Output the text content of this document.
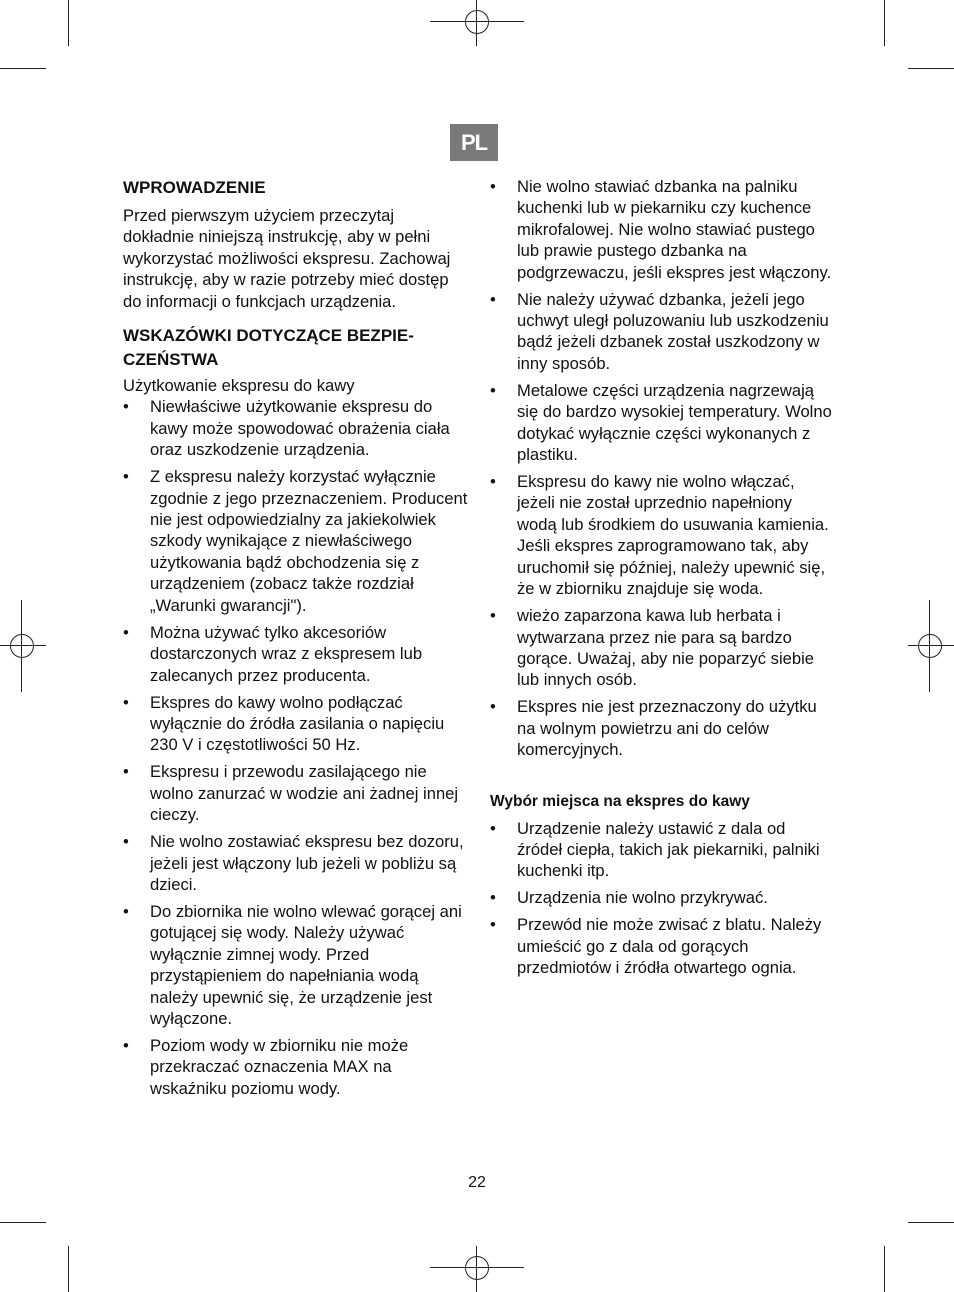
PL
WPROWADZENIE

Przed pierwszym użyciem przeczytaj dokładnie niniejszą instrukcję, aby w pełni wykorzystać możliwości ekspresu. Zachowaj instrukcję, aby w razie potrzeby mieć dostęp do informacji o funkcjach urządzenia.

WSKAZÓWKI DOTYCZĄCE BEZPIE-CZEŃSTWA

Użytkowanie ekspresu do kawy

• Niewłaściwe użytkowanie ekspresu do kawy może spowodować obrażenia ciała oraz uszkodzenie urządzenia.
• Z ekspresu należy korzystać wyłącznie zgodnie z jego przeznaczeniem. Producent nie jest odpowiedzialny za jakiekolwiek szkody wynikające z niewłaściwego użytkowania bądź obchodzenia się z urządzeniem (zobacz także rozdział „Warunki gwarancji").
• Można używać tylko akcesoriów dostarczonych wraz z ekspresem lub zalecanych przez producenta.
• Ekspres do kawy wolno podłączać wyłącznie do źródła zasilania o napięciu 230 V i częstotliwości 50 Hz.
• Ekspresu i przewodu zasilającego nie wolno zanurzać w wodzie ani żadnej innej cieczy.
• Nie wolno zostawiać ekspresu bez dozoru, jeżeli jest włączony lub jeżeli w pobliżu są dzieci.
• Do zbiornika nie wolno wlewać gorącej ani gotującej się wody. Należy używać wyłącznie zimnej wody. Przed przystąpieniem do napełniania wodą należy upewnić się, że urządzenie jest wyłączone.
• Poziom wody w zbiorniku nie może przekraczać oznaczenia MAX na wskaźniku poziomu wody.
• Nie wolno stawiać dzbanka na palniku kuchenki lub w piekarniku czy kuchence mikrofalowej. Nie wolno stawiać pustego lub prawie pustego dzbanka na podgrzewaczu, jeśli ekspres jest włączony.
• Nie należy używać dzbanka, jeżeli jego uchwyt uległ poluzowaniu lub uszkodzeniu bądź jeżeli dzbanek został uszkodzony w inny sposób.
• Metalowe części urządzenia nagrzewają się do bardzo wysokiej temperatury. Wolno dotykać wyłącznie części wykonanych z plastiku.
• Ekspresu do kawy nie wolno włączać, jeżeli nie został uprzednio napełniony wodą lub środkiem do usuwania kamienia. Jeśli ekspres zaprogramowano tak, aby uruchomił się później, należy upewnić się, że w zbiorniku znajduje się woda.
• wieżo zaparzona kawa lub herbata i wytwarzana przez nie para są bardzo gorące. Uważaj, aby nie poparzyć siebie lub innych osób.
• Ekspres nie jest przeznaczony do użytku na wolnym powietrzu ani do celów komercyjnych.
Wybór miejsca na ekspres do kawy
• Urządzenie należy ustawić z dala od źródeł ciepła, takich jak piekarniki, palniki kuchenki itp.
• Urządzenia nie wolno przykrywać.
• Przewód nie może zwisać z blatu. Należy umieścić go z dala od gorących przedmiotów i źródła otwartego ognia.
22
